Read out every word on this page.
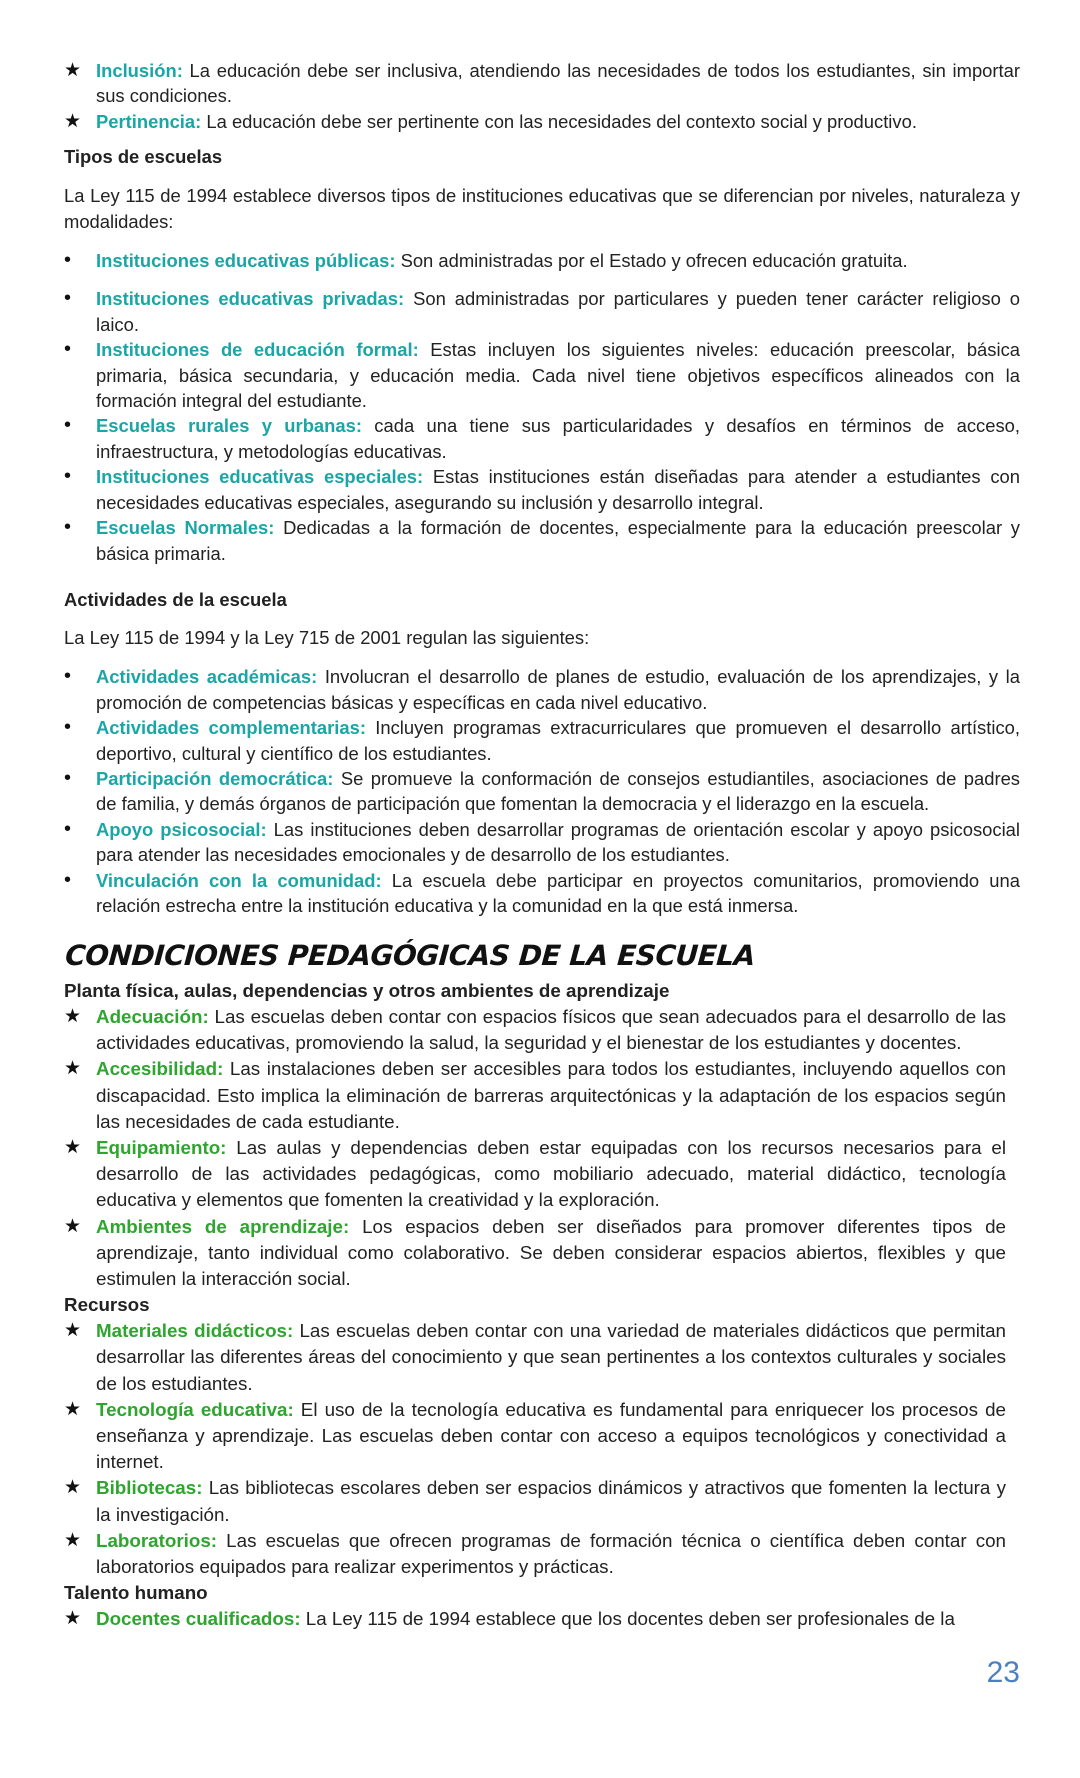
★ Inclusión: La educación debe ser inclusiva, atendiendo las necesidades de todos los estudiantes, sin importar sus condiciones.
★ Pertinencia: La educación debe ser pertinente con las necesidades del contexto social y productivo.
Tipos de escuelas
La Ley 115 de 1994 establece diversos tipos de instituciones educativas que se diferencian por niveles, naturaleza y modalidades:
•	Instituciones educativas públicas: Son administradas por el Estado y ofrecen educación gratuita.
•	Instituciones educativas privadas: Son administradas por particulares y pueden tener carácter religioso o laico.
•	Instituciones de educación formal: Estas incluyen los siguientes niveles: educación preescolar, básica primaria, básica secundaria, y educación media. Cada nivel tiene objetivos específicos alineados con la formación integral del estudiante.
•	Escuelas rurales y urbanas: cada una tiene sus particularidades y desafíos en términos de acceso, infraestructura, y metodologías educativas.
•	Instituciones educativas especiales: Estas instituciones están diseñadas para atender a estudiantes con necesidades educativas especiales, asegurando su inclusión y desarrollo integral.
•	Escuelas Normales: Dedicadas a la formación de docentes, especialmente para la educación preescolar y básica primaria.
Actividades de la escuela
La Ley 115 de 1994 y la Ley 715 de 2001 regulan las siguientes:
•	Actividades académicas: Involucran el desarrollo de planes de estudio, evaluación de los aprendizajes, y la promoción de competencias básicas y específicas en cada nivel educativo.
•	Actividades complementarias: Incluyen programas extracurriculares que promueven el desarrollo artístico, deportivo, cultural y científico de los estudiantes.
•	Participación democrática: Se promueve la conformación de consejos estudiantiles, asociaciones de padres de familia, y demás órganos de participación que fomentan la democracia y el liderazgo en la escuela.
•	Apoyo psicosocial: Las instituciones deben desarrollar programas de orientación escolar y apoyo psicosocial para atender las necesidades emocionales y de desarrollo de los estudiantes.
•	Vinculación con la comunidad: La escuela debe participar en proyectos comunitarios, promoviendo una relación estrecha entre la institución educativa y la comunidad en la que está inmersa.
CONDICIONES PEDAGÓGICAS DE LA ESCUELA
Planta física, aulas, dependencias y otros ambientes de aprendizaje
★ Adecuación: Las escuelas deben contar con espacios físicos que sean adecuados para el desarrollo de las actividades educativas, promoviendo la salud, la seguridad y el bienestar de los estudiantes y docentes.
★ Accesibilidad: Las instalaciones deben ser accesibles para todos los estudiantes, incluyendo aquellos con discapacidad. Esto implica la eliminación de barreras arquitectónicas y la adaptación de los espacios según las necesidades de cada estudiante.
★ Equipamiento: Las aulas y dependencias deben estar equipadas con los recursos necesarios para el desarrollo de las actividades pedagógicas, como mobiliario adecuado, material didáctico, tecnología educativa y elementos que fomenten la creatividad y la exploración.
★ Ambientes de aprendizaje: Los espacios deben ser diseñados para promover diferentes tipos de aprendizaje, tanto individual como colaborativo. Se deben considerar espacios abiertos, flexibles y que estimulen la interacción social.
Recursos
★ Materiales didácticos: Las escuelas deben contar con una variedad de materiales didácticos que permitan desarrollar las diferentes áreas del conocimiento y que sean pertinentes a los contextos culturales y sociales de los estudiantes.
★ Tecnología educativa: El uso de la tecnología educativa es fundamental para enriquecer los procesos de enseñanza y aprendizaje. Las escuelas deben contar con acceso a equipos tecnológicos y conectividad a internet.
★ Bibliotecas: Las bibliotecas escolares deben ser espacios dinámicos y atractivos que fomenten la lectura y la investigación.
★ Laboratorios: Las escuelas que ofrecen programas de formación técnica o científica deben contar con laboratorios equipados para realizar experimentos y prácticas.
Talento humano
★ Docentes cualificados: La Ley 115 de 1994 establece que los docentes deben ser profesionales de la
23
